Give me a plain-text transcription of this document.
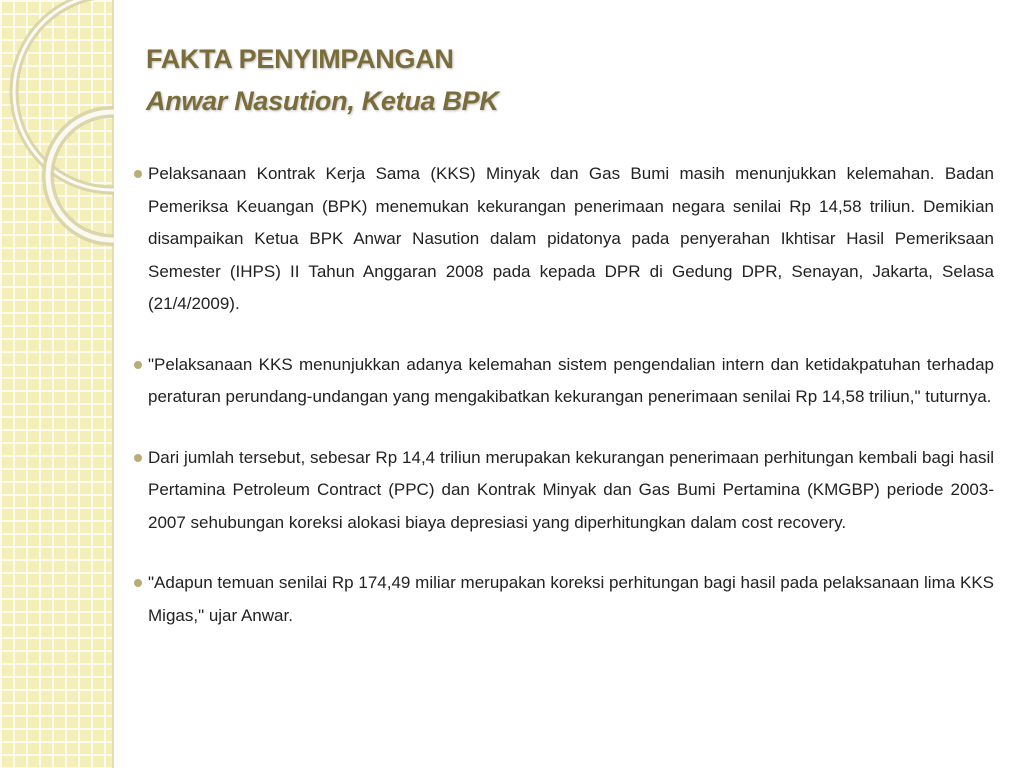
FAKTA PENYIMPANGAN
Anwar Nasution, Ketua BPK
Pelaksanaan Kontrak Kerja Sama (KKS) Minyak dan Gas Bumi masih menunjukkan kelemahan. Badan Pemeriksa Keuangan (BPK) menemukan kekurangan penerimaan negara senilai Rp 14,58 triliun. Demikian disampaikan Ketua BPK Anwar Nasution dalam pidatonya pada penyerahan Ikhtisar Hasil Pemeriksaan Semester (IHPS) II Tahun Anggaran 2008 pada kepada DPR di Gedung DPR, Senayan, Jakarta, Selasa (21/4/2009).
"Pelaksanaan KKS menunjukkan adanya kelemahan sistem pengendalian intern dan ketidakpatuhan terhadap peraturan perundang-undangan yang mengakibatkan kekurangan penerimaan senilai Rp 14,58 triliun," tuturnya.
Dari jumlah tersebut, sebesar Rp 14,4 triliun merupakan kekurangan penerimaan perhitungan kembali bagi hasil Pertamina Petroleum Contract (PPC) dan Kontrak Minyak dan Gas Bumi Pertamina (KMGBP) periode 2003-2007 sehubungan koreksi alokasi biaya depresiasi yang diperhitungkan dalam cost recovery.
"Adapun temuan senilai Rp 174,49 miliar merupakan koreksi perhitungan bagi hasil pada pelaksanaan lima KKS Migas," ujar Anwar.
